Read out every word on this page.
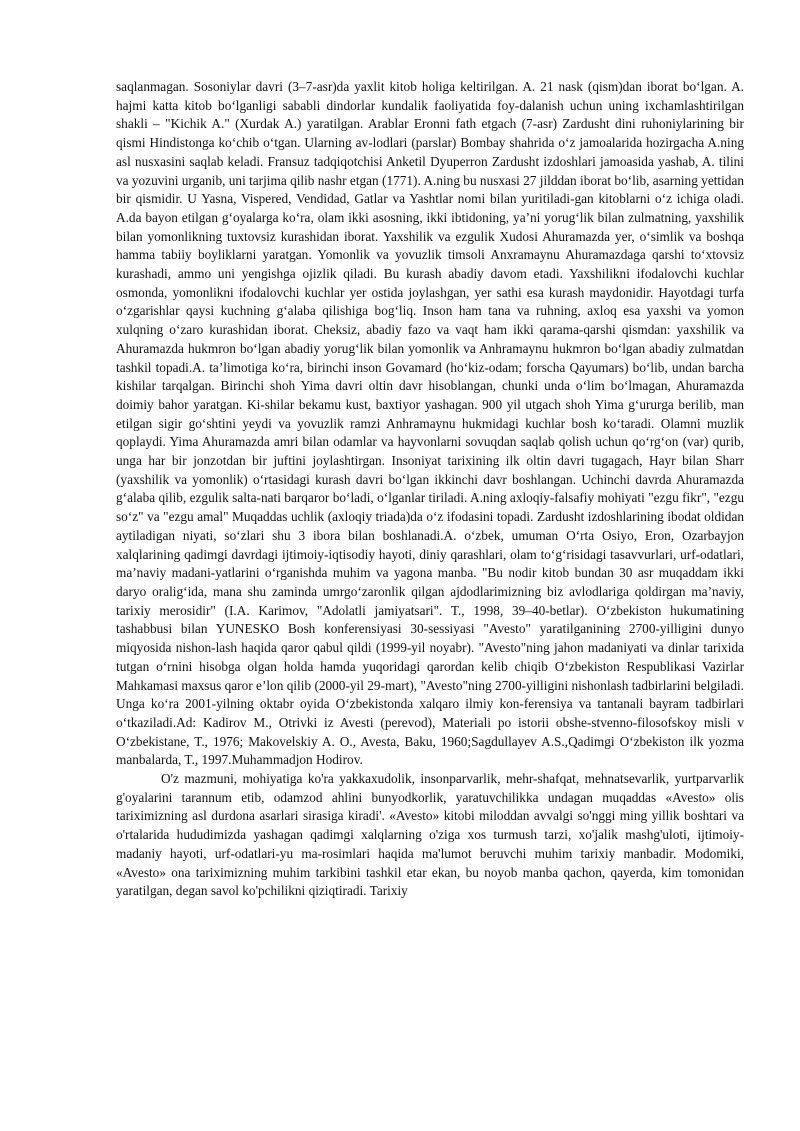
saqlanmagan. Sosoniylar davri (3–7-asr)da yaxlit kitob holiga keltirilgan. A. 21 nask (qism)dan iborat bo‘lgan. A. hajmi katta kitob bo‘lganligi sababli dindorlar kundalik faoliyatida foy-dalanish uchun uning ixchamlashtirilgan shakli – "Kichik A." (Xurdak A.) yaratilgan. Arablar Eronni fath etgach (7-asr) Zardusht dini ruhoniylarining bir qismi Hindistonga ko‘chib o‘tgan. Ularning av-lodlari (parslar) Bombay shahrida o‘z jamoalarida hozirgacha A.ning asl nusxasini saqlab keladi. Fransuz tadqiqotchisi Anketil Dyuperron Zardusht izdoshlari jamoasida yashab, A. tilini va yozuvini urganib, uni tarjima qilib nashr etgan (1771). A.ning bu nusxasi 27 jilddan iborat bo‘lib, asarning yettidan bir qismidir. U Yasna, Vispered, Vendidad, Gatlar va Yashtlar nomi bilan yuritiladi-gan kitoblarni o‘z ichiga oladi. A.da bayon etilgan g‘oyalarga ko‘ra, olam ikki asosning, ikki ibtidoning, ya’ni yorug‘lik bilan zulmatning, yaxshilik bilan yomonlikning tuxtovsiz kurashidan iborat. Yaxshilik va ezgulik Xudosi Ahuramazda yer, o‘simlik va boshqa hamma tabiiy boyliklarni yaratgan. Yomonlik va yovuzlik timsoli Anxramaynu Ahuramazdaga qarshi to‘xtovsiz kurashadi, ammo uni yengishga ojizlik qiladi. Bu kurash abadiy davom etadi. Yaxshilikni ifodalovchi kuchlar osmonda, yomonlikni ifodalovchi kuchlar yer ostida joylashgan, yer sathi esa kurash maydonidir. Hayotdagi turfa o‘zgarishlar qaysi kuchning g‘alaba qilishiga bog‘liq. Inson ham tana va ruhning, axloq esa yaxshi va yomon xulqning o‘zaro kurashidan iborat. Cheksiz, abadiy fazo va vaqt ham ikki qarama-qarshi qismdan: yaxshilik va Ahuramazda hukmron bo‘lgan abadiy yorug‘lik bilan yomonlik va Anhramaynu hukmron bo‘lgan abadiy zulmatdan tashkil topadi.A. ta’limotiga ko‘ra, birinchi inson Govamard (ho‘kiz-odam; forscha Qayumars) bo‘lib, undan barcha kishilar tarqalgan. Birinchi shoh Yima davri oltin davr hisoblangan, chunki unda o‘lim bo‘lmagan, Ahuramazda doimiy bahor yaratgan. Ki-shilar bekamu kust, baxtiyor yashagan. 900 yil utgach shoh Yima g‘ururga berilib, man etilgan sigir go‘shtini yeydi va yovuzlik ramzi Anhramaynu hukmidagi kuchlar bosh ko‘taradi. Olamni muzlik qoplaydi. Yima Ahuramazda amri bilan odamlar va hayvonlarni sovuqdan saqlab qolish uchun qo‘rg‘on (var) qurib, unga har bir jonzotdan bir juftini joylashtirgan. Insoniyat tarixining ilk oltin davri tugagach, Hayr bilan Sharr (yaxshilik va yomonlik) o‘rtasidagi kurash davri bo‘lgan ikkinchi davr boshlangan. Uchinchi davrda Ahuramazda g‘alaba qilib, ezgulik salta-nati barqaror bo‘ladi, o‘lganlar tiriladi. A.ning axloqiy-falsafiy mohiyati "ezgu fikr", "ezgu so‘z" va "ezgu amal" Muqaddas uchlik (axloqiy triada)da o‘z ifodasini topadi. Zardusht izdoshlarining ibodat oldidan aytiladigan niyati, so‘zlari shu 3 ibora bilan boshlanadi.A. o‘zbek, umuman O‘rta Osiyo, Eron, Ozarbayjon xalqlarining qadimgi davrdagi ijtimoiy-iqtisodiy hayoti, diniy qarashlari, olam to‘g‘risidagi tasavvurlari, urf-odatlari, ma’naviy madani-yatlarini o‘rganishda muhim va yagona manba. "Bu nodir kitob bundan 30 asr muqaddam ikki daryo oralig‘ida, mana shu zaminda umrgo‘zaronlik qilgan ajdodlarimizning biz avlodlariga qoldirgan ma’naviy, tarixiy merosidir" (I.A. Karimov, "Adolatli jamiyatsari". T., 1998, 39–40-betlar). O‘zbekiston hukumatining tashabbusi bilan YUNESKO Bosh konferensiyasi 30-sessiyasi "Avesto" yaratilganining 2700-yilligini dunyo miqyosida nishon-lash haqida qaror qabul qildi (1999-yil noyabr). "Avesto"ning jahon madaniyati va dinlar tarixida tutgan o‘rnini hisobga olgan holda hamda yuqoridagi qarordan kelib chiqib O‘zbekiston Respublikasi Vazirlar Mahkamasi maxsus qaror e’lon qilib (2000-yil 29-mart), "Avesto"ning 2700-yilligini nishonlash tadbirlarini belgiladi. Unga ko‘ra 2001-yilning oktabr oyida O‘zbekistonda xalqaro ilmiy kon-ferensiya va tantanali bayram tadbirlari o‘tkaziladi.Ad: Kadirov M., Otrivki iz Avesti (perevod), Materiali po istorii obshe-stvenno-filosofskoy misli v O‘zbekistane, T., 1976; Makovelskiy A. O., Avesta, Baku, 1960;Sagdullayev A.S.,Qadimgi O‘zbekiston ilk yozma manbalarda, T., 1997.Muhammadjon Hodirov.

O'z mazmuni, mohiyatiga ko'ra yakkaxudolik, insonparvarlik, mehr-shafqat, mehnatsevarlik, yurtparvarlik g'oyalarini tarannum etib, odamzod ahlini bunyodkorlik, yaratuvchilikka undagan muqaddas «Avesto» olis tariximizning asl durdona asarlari sirasiga kiradi'. «Avesto» kitobi miloddan avvalgi so'nggi ming yillik boshtari va o'rtalarida hududimizda yashagan qadimgi xalqlarning o'ziga xos turmush tarzi, xo'jalik mashg'uloti, ijtimoiy-madaniy hayoti, urf-odatlari-yu ma-rosimlari haqida ma'lumot beruvchi muhim tarixiy manbadir. Modomiki, «Avesto» ona tariximizning muhim tarkibini tashkil etar ekan, bu noyob manba qachon, qayerda, kim tomonidan yaratilgan, degan savol ko'pchilikni qiziqtiradi. Tarixiy
